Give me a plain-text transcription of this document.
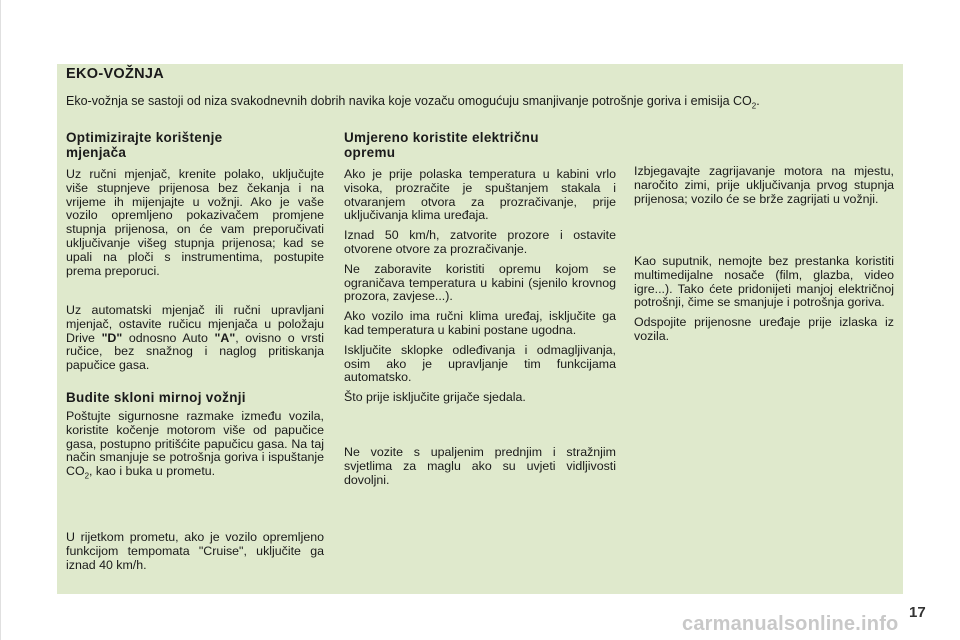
EKO-VOŽNJA
Eko-vožnja se sastoji od niza svakodnevnih dobrih navika koje vozaču omogućuju smanjivanje potrošnje goriva i emisija $CO_2$.
Optimizirajte korištenje mjenjača

Uz ručni mjenjač, krenite polako, uključujte više stupnjeve prijenosa bez čekanja i na vrijeme ih mijenjajte u vožnji. Ako je vaše vozilo opremljeno pokazivačem promjene stupnja prijenosa, on će vam preporučivati uključivanje višeg stupnja prijenosa; kad se upali na ploči s instrumentima, postupite prema preporuci.

Uz automatski mjenjač ili ručni upravljani mjenjač, ostavite ručicu mjenjača u položaju Drive "D" odnosno Auto "A", ovisno o vrsti ručice, bez snažnog i naglog pritiskanja papučice gasa.

Budite skloni mirnoj vožnji

Poštujte sigurnosne razmake između vozila, koristite kočenje motorom više od papučice gasa, postupno pritišćite papučicu gasa. Na taj način smanjuje se potrošnja goriva i ispuštanje $CO_2$, kao i buka u prometu.

U rijetkom prometu, ako je vozilo opremljeno funkcijom tempomata "Cruise", uključite ga iznad 40 km/h.

Umjereno koristite električnu opremu

Ako je prije polaska temperatura u kabini vrlo visoka, prozračite je spuštanjem stakala i otvaranjem otvora za prozračivanje, prije uključivanja klima uređaja.

Iznad 50 km/h, zatvorite prozore i ostavite otvorene otvore za prozračivanje.

Ne zaboravite koristiti opremu kojom se ograničava temperatura u kabini (sjenilo krovnog prozora, zavjese...).

Ako vozilo ima ručni klima uređaj, isključite ga kad temperatura u kabini postane ugodna.

Isključite sklopke odleđivanja i odmagljivanja, osim ako je upravljanje tim funkcijama automatsko.

Što prije isključite grijače sjedala.

Ne vozite s upaljenim prednjim i stražnjim svjetlima za maglu ako su uvjeti vidljivosti dovoljni.

Izbjegavajte zagrijavanje motora na mjestu, naročito zimi, prije uključivanja prvog stupnja prijenosa; vozilo će se brže zagrijati u vožnji.

Kao suputnik, nemojte bez prestanka koristiti multimedijalne nosače (film, glazba, video igre...). Tako ćete pridonijeti manjoj električnoj potrošnji, čime se smanjuje i potrošnja goriva.

Odspojite prijenosne uređaje prije izlaska iz vozila.

17
carmanualsonline.info
